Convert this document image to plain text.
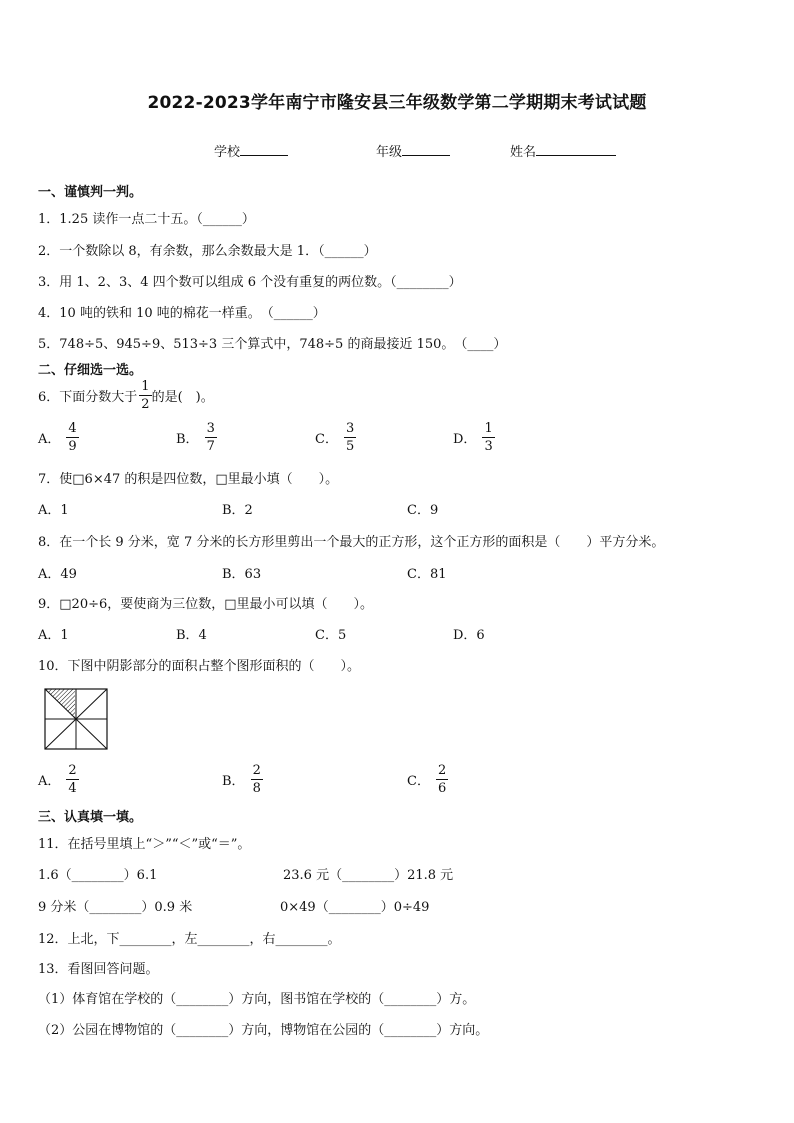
2022-2023学年南宁市隆安县三年级数学第二学期期末考试试题
学校	年级	姓名
一、谨慎判一判。
1．1.25 读作一点二十五。（______）
2．一个数除以 8，有余数，那么余数最大是 1．（______）
3．用 1、2、3、4 四个数可以组成 6 个没有重复的两位数。（________）
4．10 吨的铁和 10 吨的棉花一样重。　（______）
5．748÷5、945÷9、513÷3 三个算式中，748÷5 的商最接近 150。　（____）
二、仔细选一选。
6．下面分数大于 $\frac{1}{2}$ 的是(　)。
A． $\frac{4}{9}$	B． $\frac{3}{7}$	C． $\frac{3}{5}$	D． $\frac{1}{3}$
7．使□6×47 的积是四位数，□里最小填（　　）。
A．1	B．2	C．9
8．在一个长 9 分米，宽 7 分米的长方形里剪出一个最大的正方形，这个正方形的面积是（　　）平方分米。
A．49	B．63	C．81
9．□20÷6，要使商为三位数，□里最小可以填（　　）。
A．1	B．4	C．5	D．6
10．下图中阴影部分的面积占整个图形面积的（　　）。
A． $\frac{2}{4}$	B． $\frac{2}{8}$	C． $\frac{2}{6}$
三、认真填一填。
11．在括号里填上“＞”“＜”或“＝”。
1.6（________）6.1	23.6 元（________）21.8 元
9 分米（________）0.9 米	0×49（________）0÷49
12．上北，下________，左________，右________。
13．看图回答问题。
（1）体育馆在学校的（________）方向，图书馆在学校的（________）方。
（2）公园在博物馆的（________）方向，博物馆在公园的（________）方向。
